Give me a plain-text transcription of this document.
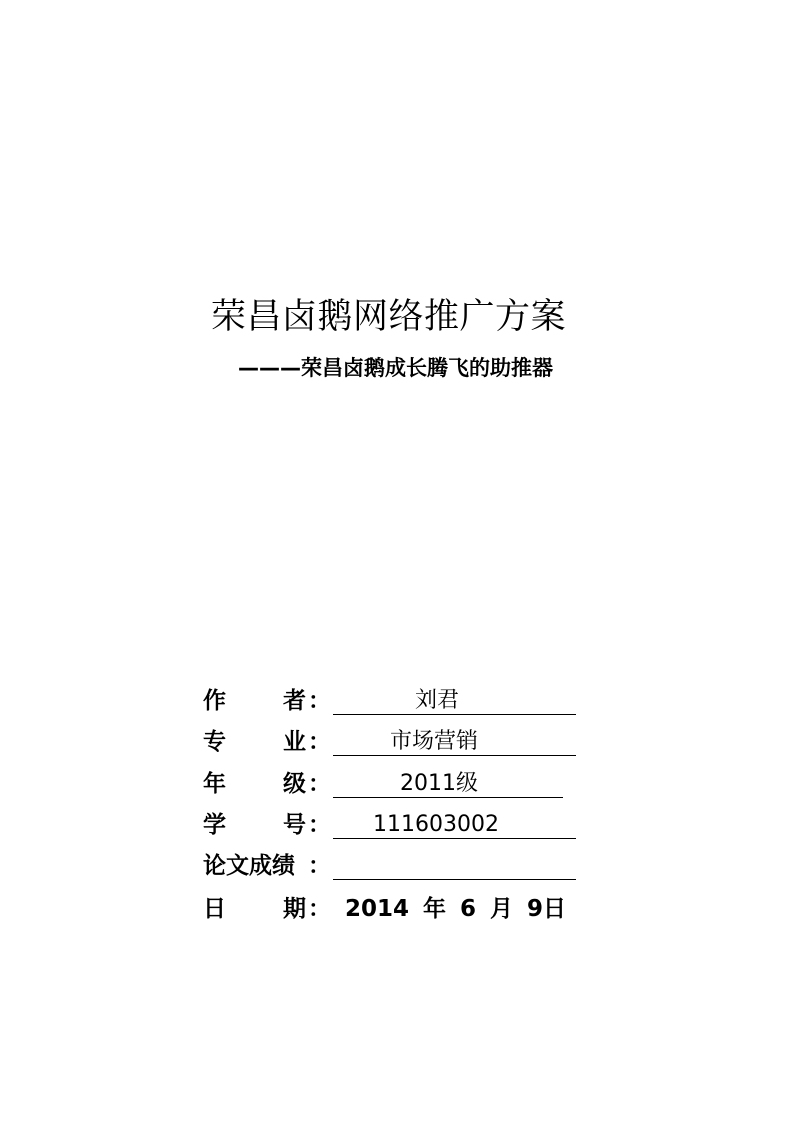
荣昌卤鹅网络推广方案
———荣昌卤鹅成长腾飞的助推器
作 者 ：	刘君
专 业 ：	市场营销
年 级 ：	2011级
学 号 ： 111603002
论文成绩 ：
日 期 ： 2014 年 6 月 9日
